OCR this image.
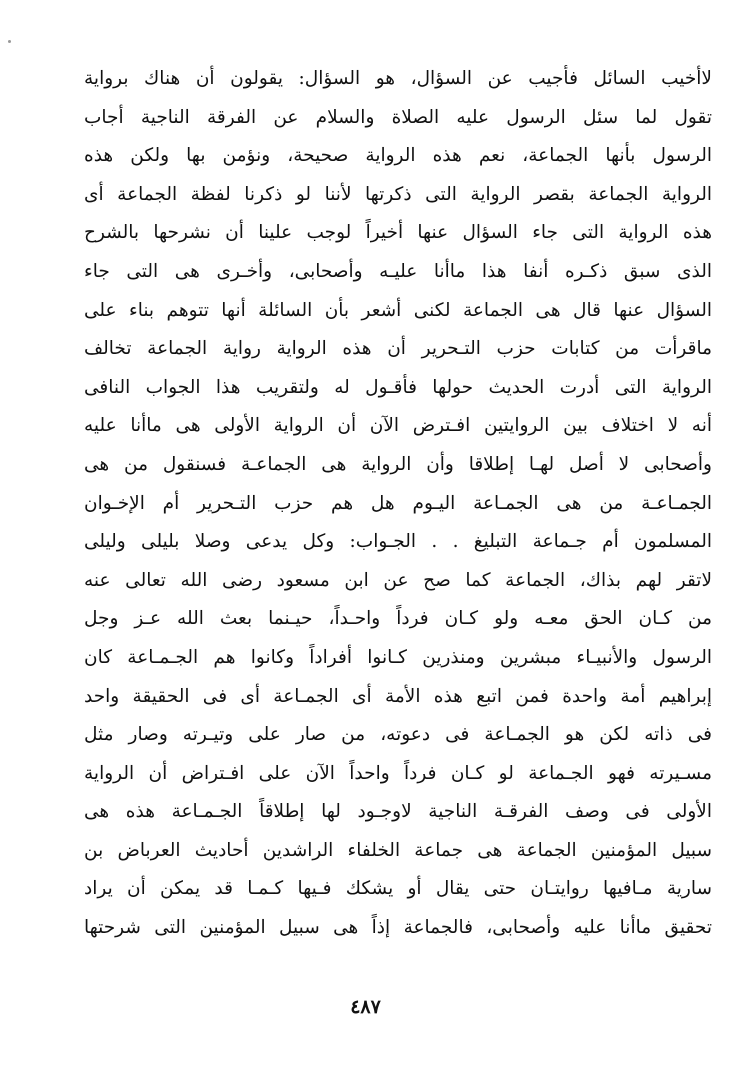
لاأخيب السائل فأجيب عن السؤال، هو السؤال: يقولون أن هناك برواية
تقول لما سئل الرسول عليه الصلاة والسلام عن الفرقة الناجية أجاب
الرسول بأنها الجماعة، نعم هذه الرواية صحيحة، ونؤمن بها ولكن هذه
الرواية الجماعة بقصر الرواية التى ذكرتها لأننا لو ذكرنا لفظة الجماعة أى
هذه الرواية التى جاء السؤال عنها أخيراً لوجب علينا أن نشرحها بالشرح
الذى سبق ذكـره أنفا هذا ماأنا عليـه وأصحابى، وأخـرى هى التى جاء
السؤال عنها قال هى الجماعة لكنى أشعر بأن السائلة أنها تتوهم بناء على
ماقرأت من كتابات حزب التـحرير أن هذه الرواية رواية الجماعة تخالف
الرواية التى أدرت الحديث حولها فأقـول له ولتقريب هذا الجواب النافى
أنه لا اختلاف بين الروايتين افـترض الآن أن الرواية الأولى هى ماأنا عليه
وأصحابى لا أصل لهـا إطلاقا وأن الرواية هى الجماعـة فسنقول من هى
الجمـاعـة من هى الجمـاعة اليـوم هل هم حزب التـحرير أم الإخـوان
المسلمون أم جـماعة التبليغ . . الجـواب: وكل يدعى وصلا بليلى وليلى
لاتقر لهم بذاك، الجماعة كما صح عن ابن مسعود رضى الله تعالى عنه
من كـان الحق معـه ولو كـان فرداً واحـداً، حيـنما بعث الله عـز وجل
الرسول والأنبيـاء مبشرين ومنذرين كـانوا أفراداً وكانوا هم الجـمـاعة كان
إبراهيم أمة واحدة فمن اتبع هذه الأمة أى الجمـاعة أى فى الحقيقة واحد
فى ذاته لكن هو الجمـاعة فى دعوته، من صار على وتيـرته وصار مثل
مسـيرته فهو الجـماعة لو كـان فرداً واحداً الآن على افـتراض أن الرواية
الأولى فى وصف الفرقـة الناجية لاوجـود لها إطلاقاً الجـمـاعة هذه هى
سبيل المؤمنين الجماعة هى جماعة الخلفاء الراشدين أحاديث العرباض بن
سارية مـافيها روايتـان حتى يقال أو يشكك فـيها كـمـا قد يمكن أن يراد
تحقيق ماأنا عليه وأصحابى، فالجماعة إذاً هى سبيل المؤمنين التى شرحتها
٤٨٧
